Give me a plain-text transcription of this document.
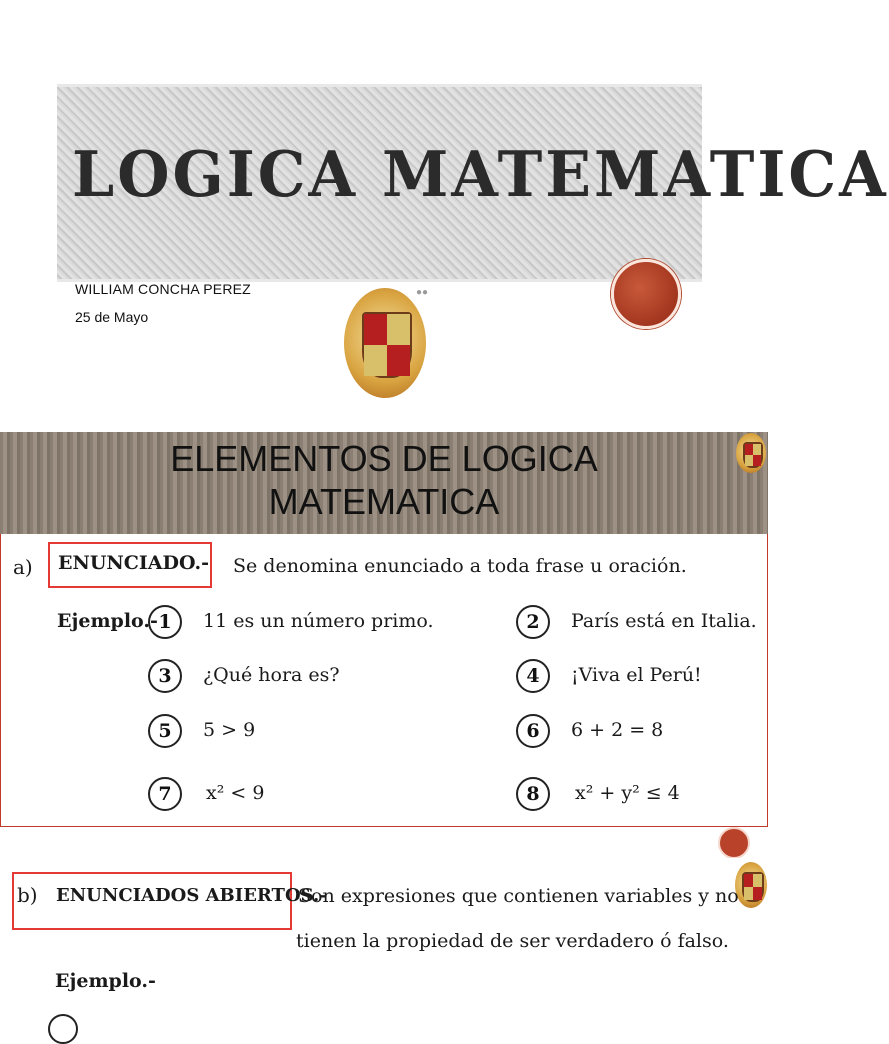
LOGICA MATEMATICA
WILLIAM CONCHA PEREZ
25 de Mayo
●●
ELEMENTOS DE LOGICA
MATEMATICA
a) ENUNCIADO.- Se denomina enunciado a toda frase u oración.
Ejemplo.- 1	11 es un número primo.	2	París está en Italia.
3	¿Qué hora es?	4	¡Viva el Perú!
5	5 > 9	6	6 + 2 = 8
7	x² < 9	8	x² + y² ≤ 4
b) ENUNCIADOS ABIERTOS.-
Son expresiones que contienen variables y no
tienen la propiedad de ser verdadero ó falso.
Ejemplo.-
